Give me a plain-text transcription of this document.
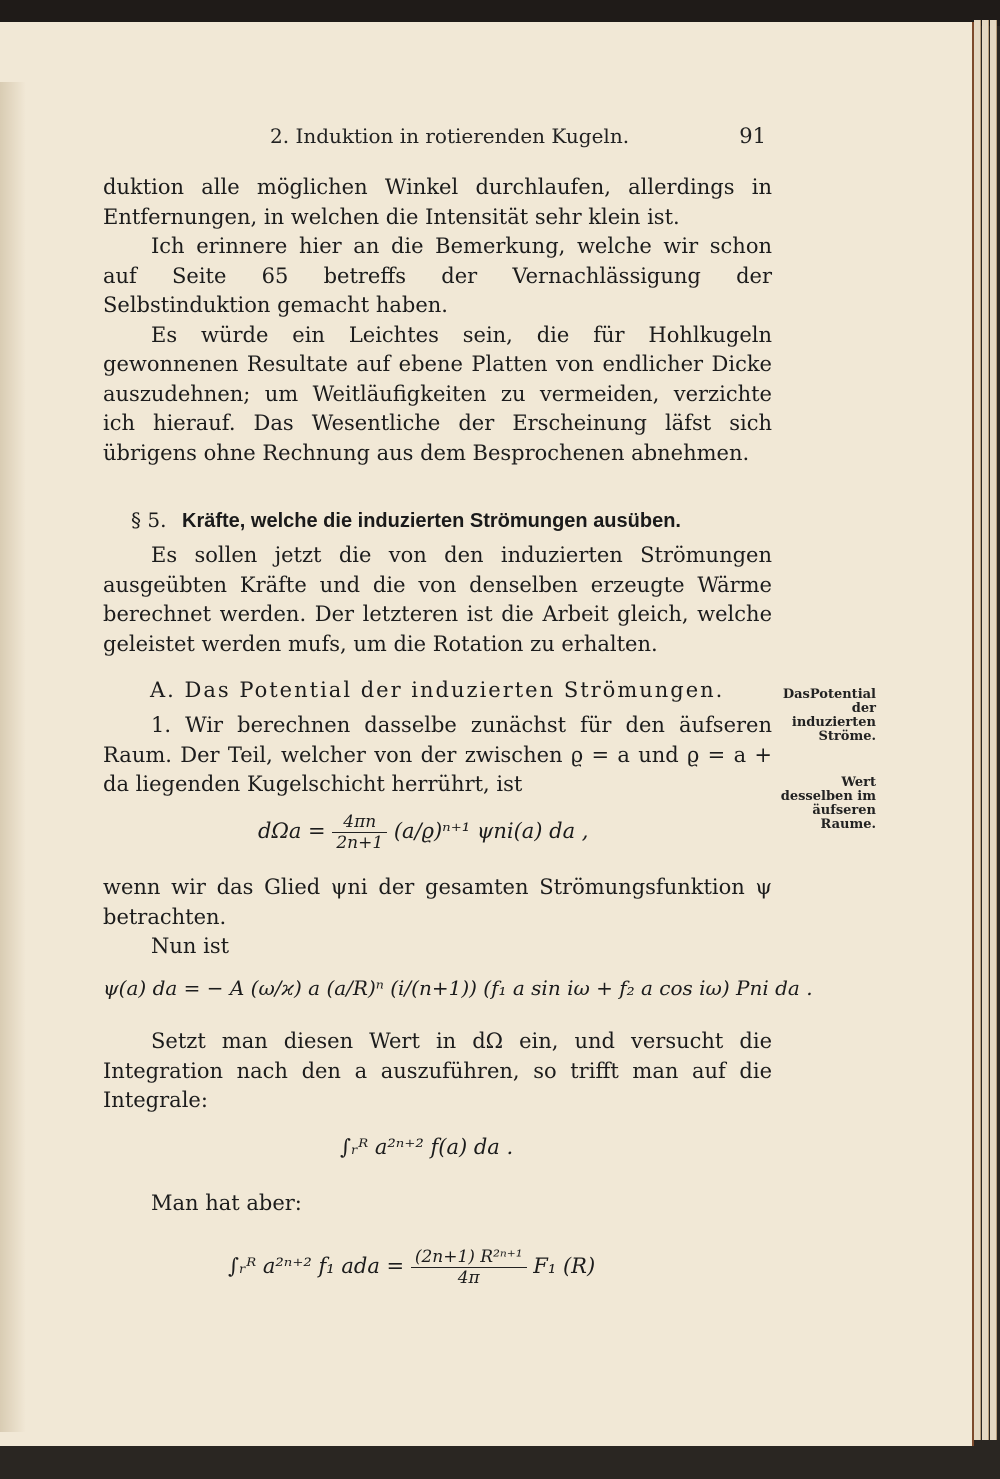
2. Induktion in rotierenden Kugeln.	91

duktion alle möglichen Winkel durchlaufen, allerdings in Entfernungen, in welchen die Intensität sehr klein ist.

Ich erinnere hier an die Bemerkung, welche wir schon auf Seite 65 betreffs der Vernachlässigung der Selbstinduktion gemacht haben.

Es würde ein Leichtes sein, die für Hohlkugeln gewonnenen Resultate auf ebene Platten von endlicher Dicke auszudehnen; um Weitläufigkeiten zu vermeiden, verzichte ich hierauf. Das Wesentliche der Erscheinung läfst sich übrigens ohne Rechnung aus dem Besprochenen abnehmen.

§ 5. Kräfte, welche die induzierten Strömungen ausüben.

Es sollen jetzt die von den induzierten Strömungen ausgeübten Kräfte und die von denselben erzeugte Wärme berechnet werden. Der letzteren ist die Arbeit gleich, welche geleistet werden mufs, um die Rotation zu erhalten.

A. Das Potential der induzierten Strömungen.	DasPotential der induzierten Ströme.
Wert desselben im äufseren Raume.

1. Wir berechnen dasselbe zunächst für den äufseren Raum. Der Teil, welcher von der zwischen ϱ = a und ϱ = a + da liegenden Kugelschicht herrührt, ist

$d\Omega a = \frac{4\pi n}{2n+1} (a/ϱ)^{n+1}$ ψni(a) da ,

wenn wir das Glied ψni der gesamten Strömungsfunktion ψ betrachten.

Nun ist

ψ(a) da = − A (ω/ϰ) a (a/R)ⁿ (i/(n+1)) (f₁ a sin iω + f₂ a cos iω) Pni da .

Setzt man diesen Wert in dΩ ein, und versucht die Integration nach den a auszuführen, so trifft man auf die Integrale:

∫ᵣᴿ a²ⁿ⁺² f(a) da .

Man hat aber:

∫ᵣᴿ a²ⁿ⁺² f₁ ada = $\frac{\text{(2n+1) R²ⁿ⁺¹}}{4\pi} F_1$ (R)
